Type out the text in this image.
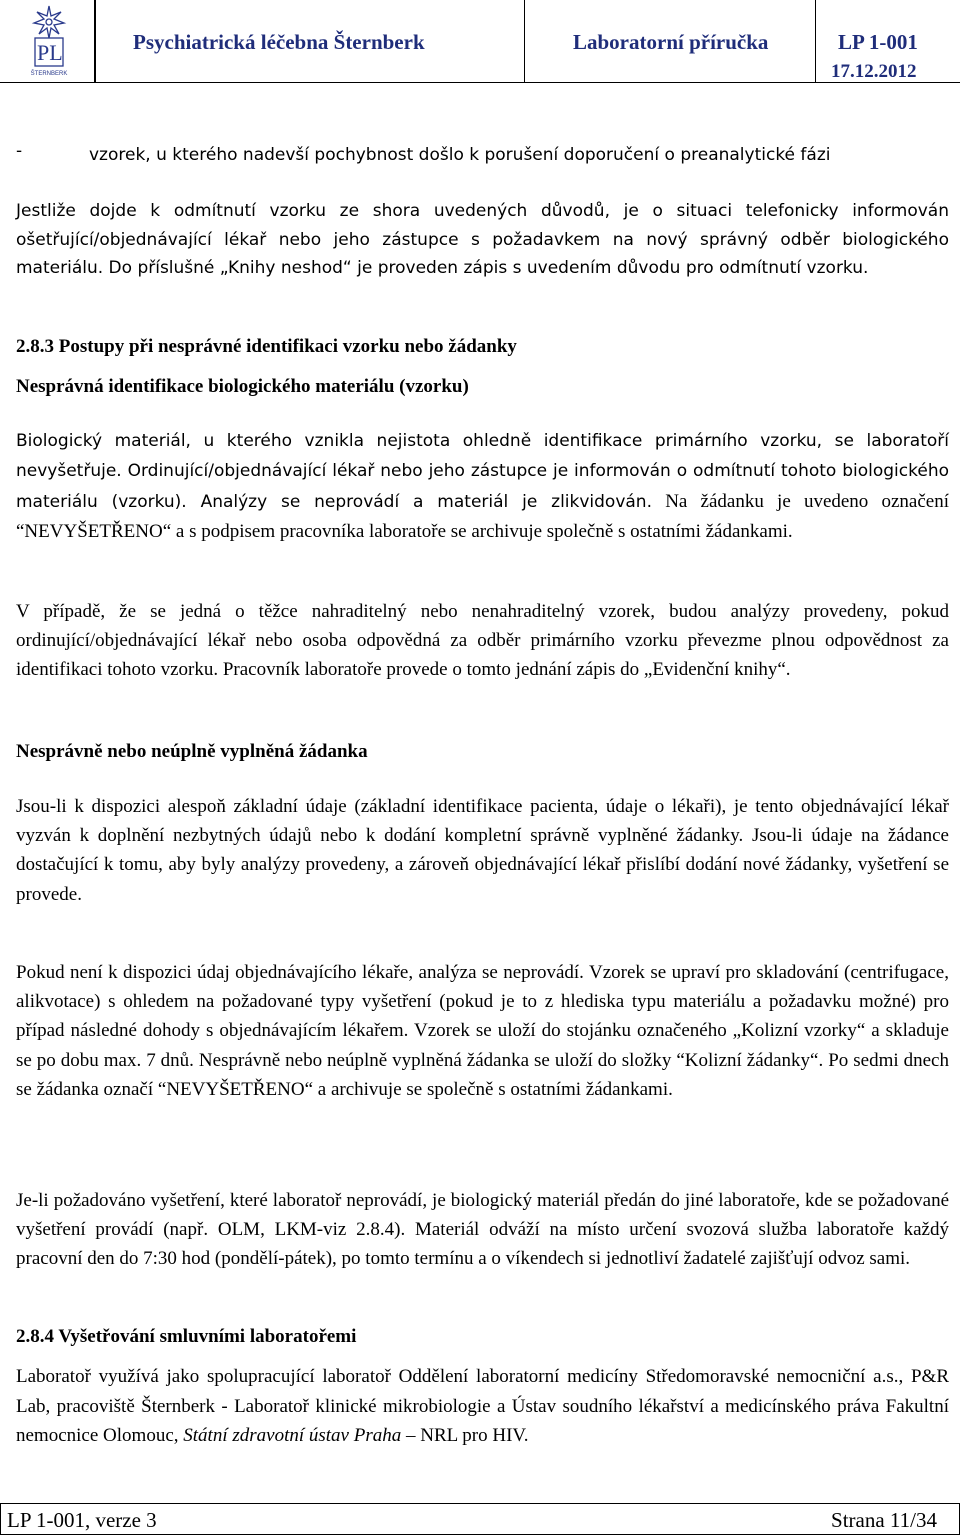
PL
ŠTERNBERK
Psychiatrická léčebna Šternberk	Laboratorní příručka	LP 1-001
17.12.2012
-	vzorek, u kterého nadevší pochybnost došlo k porušení doporučení o preanalytické fázi

Jestliže dojde k odmítnutí vzorku ze shora uvedených důvodů, je o situaci telefonicky informován ošetřující/objednávající lékař nebo jeho zástupce s požadavkem na nový správný odběr biologického materiálu. Do příslušné „Knihy neshod“ je proveden zápis s uvedením důvodu pro odmítnutí vzorku.

2.8.3 Postupy při nesprávné identifikaci vzorku nebo žádanky
Nesprávná identifikace biologického materiálu (vzorku)

Biologický materiál, u kterého vznikla nejistota ohledně identifikace primárního vzorku, se laboratoří nevyšetřuje. Ordinující/objednávající lékař nebo jeho zástupce je informován o odmítnutí tohoto biologického materiálu (vzorku). Analýzy se neprovádí a materiál je zlikvidován. Na žádanku je uvedeno označení “NEVYŠETŘENO“ a s podpisem pracovníka laboratoře se archivuje společně s ostatními žádankami.

V případě, že se jedná o těžce nahraditelný nebo nenahraditelný vzorek, budou analýzy provedeny, pokud ordinující/objednávající lékař nebo osoba odpovědná za odběr primárního vzorku převezme plnou odpovědnost za identifikaci tohoto vzorku. Pracovník laboratoře provede o tomto jednání zápis do „Evidenční knihy“.

Nesprávně nebo neúplně vyplněná žádanka

Jsou-li k dispozici alespoň základní údaje (základní identifikace pacienta, údaje o lékaři), je tento objednávající lékař vyzván k doplnění nezbytných údajů nebo k dodání kompletní správně vyplněné žádanky. Jsou-li údaje na žádance dostačující k tomu, aby byly analýzy provedeny, a zároveň objednávající lékař přislíbí dodání nové žádanky, vyšetření se provede.

Pokud není k dispozici údaj objednávajícího lékaře, analýza se neprovádí. Vzorek se upraví pro skladování (centrifugace, alikvotace) s ohledem na požadované typy vyšetření (pokud je to z hlediska typu materiálu a požadavku možné) pro případ následné dohody s objednávajícím lékařem. Vzorek se uloží do stojánku označeného „Kolizní vzorky“ a skladuje se po dobu max. 7 dnů. Nesprávně nebo neúplně vyplněná žádanka se uloží do složky “Kolizní žádanky“. Po sedmi dnech se žádanka označí “NEVYŠETŘENO“ a archivuje se společně s ostatními žádankami.

Je-li požadováno vyšetření, které laboratoř neprovádí, je biologický materiál předán do jiné laboratoře, kde se požadované vyšetření provádí (např. OLM, LKM-viz 2.8.4). Materiál odváží na místo určení svozová služba laboratoře každý pracovní den do 7:30 hod (pondělí-pátek), po tomto termínu a o víkendech si jednotliví žadatelé zajišťují odvoz sami.

2.8.4 Vyšetřování smluvními laboratořemi

Laboratoř využívá jako spolupracující laboratoř Oddělení laboratorní medicíny Středomoravské nemocniční a.s., P&R Lab, pracoviště Šternberk - Laboratoř klinické mikrobiologie a Ústav soudního lékařství a medicínského práva Fakultní nemocnice Olomouc, Státní zdravotní ústav Praha – NRL pro HIV.

LP 1-001, verze 3	Strana 11/34
